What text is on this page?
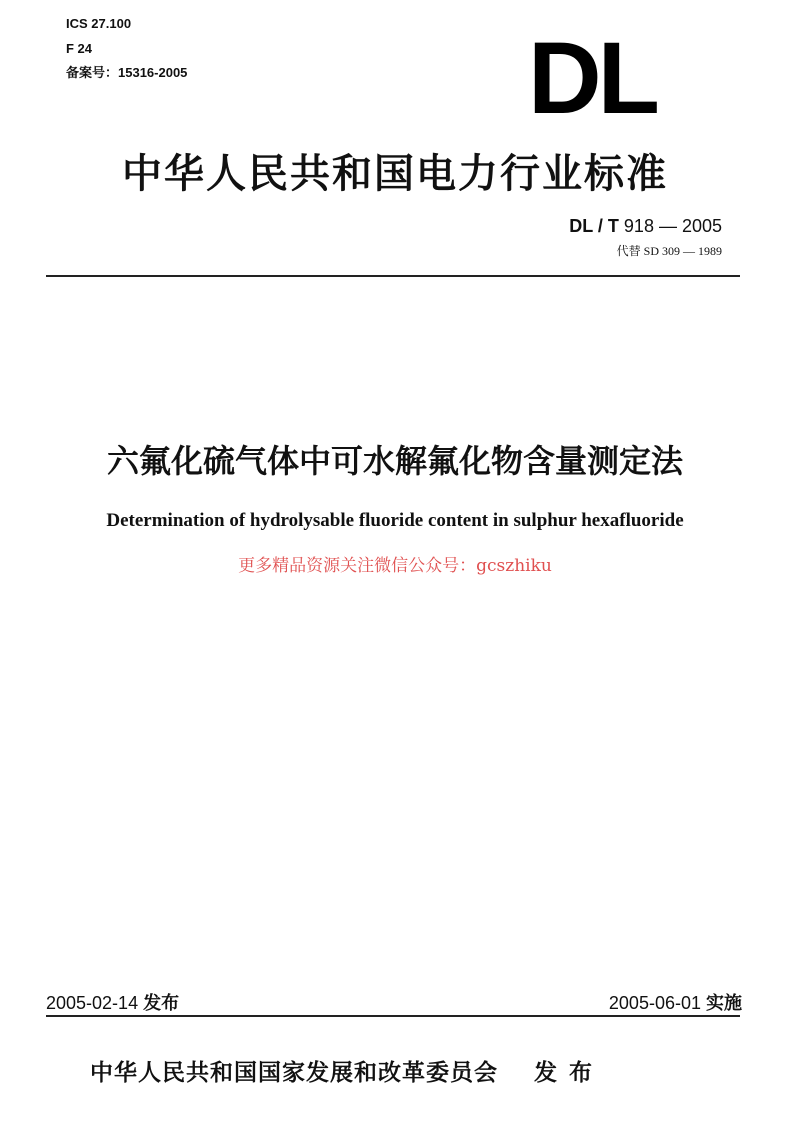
ICS 27.100
F 24
备案号：15316-2005	DL
中华人民共和国电力行业标准
DL / T 918 — 2005
代替 SD 309 — 1989
六氟化硫气体中可水解氟化物含量测定法
Determination of hydrolysable fluoride content in sulphur hexafluoride
更多精品资源关注微信公众号：gcszhiku
2005-02-14 发布	2005-06-01 实施
中华人民共和国国家发展和改革委员会 发布
